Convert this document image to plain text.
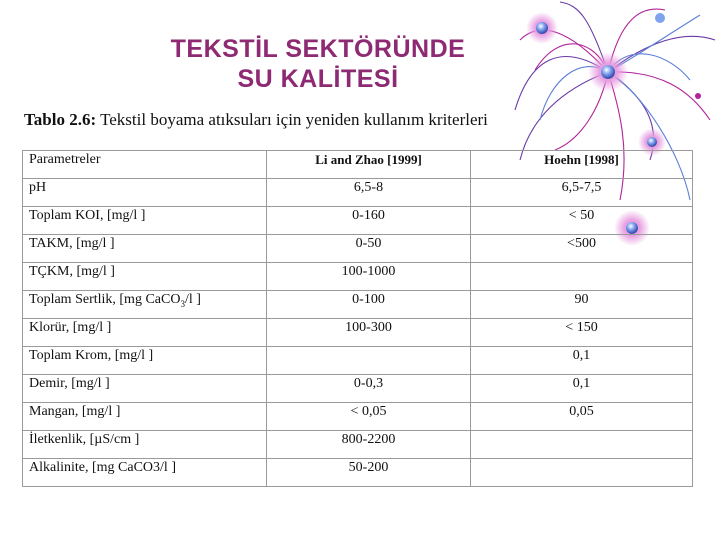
TEKSTİL SEKTÖRÜNDE
SU KALİTESİ
Tablo 2.6: Tekstil boyama atıksuları için yeniden kullanım kriterleri
Parametreler	Li and Zhao [1999]	Hoehn [1998]
pH	6,5-8	6,5-7,5
Toplam KOI, [mg/l ]	0-160	< 50
TAKM, [mg/l ]	0-50	<500
TÇKM, [mg/l ]	100-1000	
Toplam Sertlik, [mg CaCO$_3$/l ]	0-100	90
Klorür, [mg/l ]	100-300	< 150
Toplam Krom, [mg/l ]		0,1
Demir, [mg/l ]	0-0,3	0,1
Mangan, [mg/l ]	< 0,05	0,05
İletkenlik, [µS/cm ]	800-2200	
Alkalinite, [mg CaCO3/l ]	50-200	
